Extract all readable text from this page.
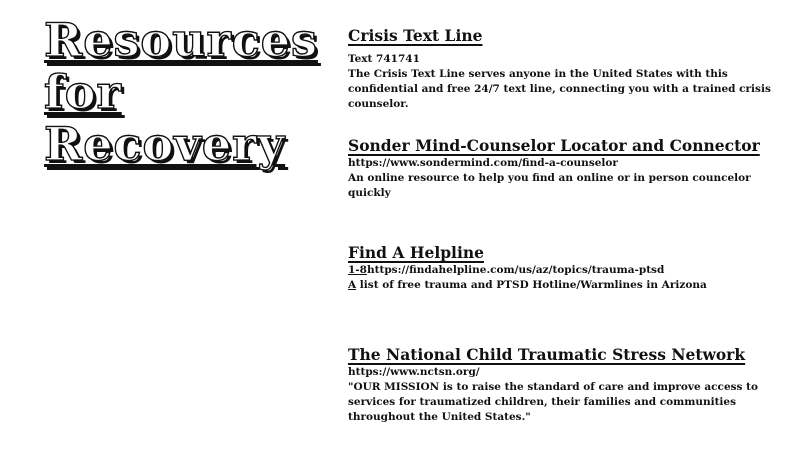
Resources
for
Recovery
Crisis Text Line

Text 741741

The Crisis Text Line serves anyone in the United States with this confidential and free 24/7 text line, connecting you with a trained crisis counselor.

Sonder Mind-Counselor Locator and Connector

https://www.sondermind.com/find-a-counselor

An online resource to help you find an online or in person councelor quickly

Find A Helpline

1-8https://findahelpline.com/us/az/topics/trauma-ptsd

A list of free trauma and PTSD Hotline/Warmlines in Arizona

The National Child Traumatic Stress Network

https://www.nctsn.org/

"OUR MISSION is to raise the standard of care and improve access to services for traumatized children, their families and communities throughout the United States."
